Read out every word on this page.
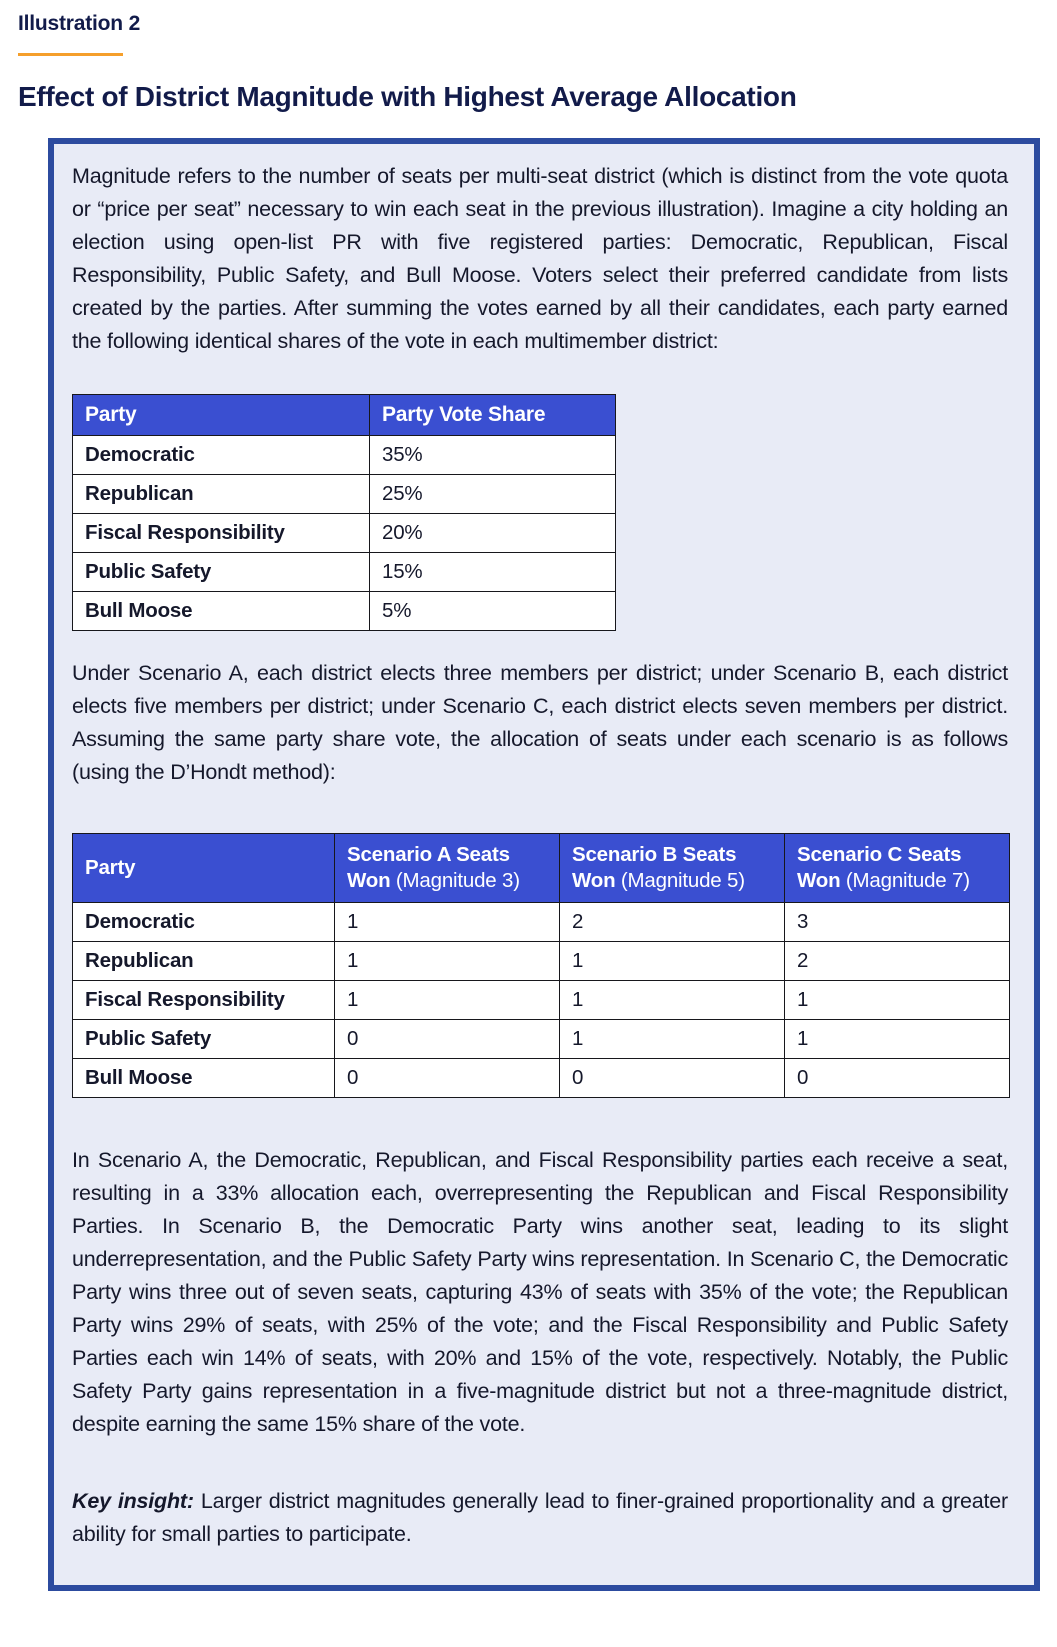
Illustration 2
Effect of District Magnitude with Highest Average Allocation

Magnitude refers to the number of seats per multi-seat district (which is distinct from the vote quota or “price per seat” necessary to win each seat in the previous illustration). Imagine a city holding an election using open-list PR with five registered parties: Democratic, Republican, Fiscal Responsibility, Public Safety, and Bull Moose. Voters select their preferred candidate from lists created by the parties. After summing the votes earned by all their candidates, each party earned the following identical shares of the vote in each multimember district:

Party	Party Vote Share
Democratic	35%
Republican	25%
Fiscal Responsibility	20%
Public Safety	15%
Bull Moose	5%

Under Scenario A, each district elects three members per district; under Scenario B, each district elects five members per district; under Scenario C, each district elects seven members per district. Assuming the same party share vote, the allocation of seats under each scenario is as follows (using the D’Hondt method):

Party	Scenario A Seats Won (Magnitude 3)	Scenario B Seats Won (Magnitude 5)	Scenario C Seats Won (Magnitude 7)
Democratic	1	2	3
Republican	1	1	2
Fiscal Responsibility	1	1	1
Public Safety	0	1	1
Bull Moose	0	0	0

In Scenario A, the Democratic, Republican, and Fiscal Responsibility parties each receive a seat, resulting in a 33% allocation each, overrepresenting the Republican and Fiscal Responsibility Parties. In Scenario B, the Democratic Party wins another seat, leading to its slight underrepresentation, and the Public Safety Party wins representation. In Scenario C, the Democratic Party wins three out of seven seats, capturing 43% of seats with 35% of the vote; the Republican Party wins 29% of seats, with 25% of the vote; and the Fiscal Responsibility and Public Safety Parties each win 14% of seats, with 20% and 15% of the vote, respectively. Notably, the Public Safety Party gains representation in a five-magnitude district but not a three-magnitude district, despite earning the same 15% share of the vote.

Key insight: Larger district magnitudes generally lead to finer-grained proportionality and a greater ability for small parties to participate.
